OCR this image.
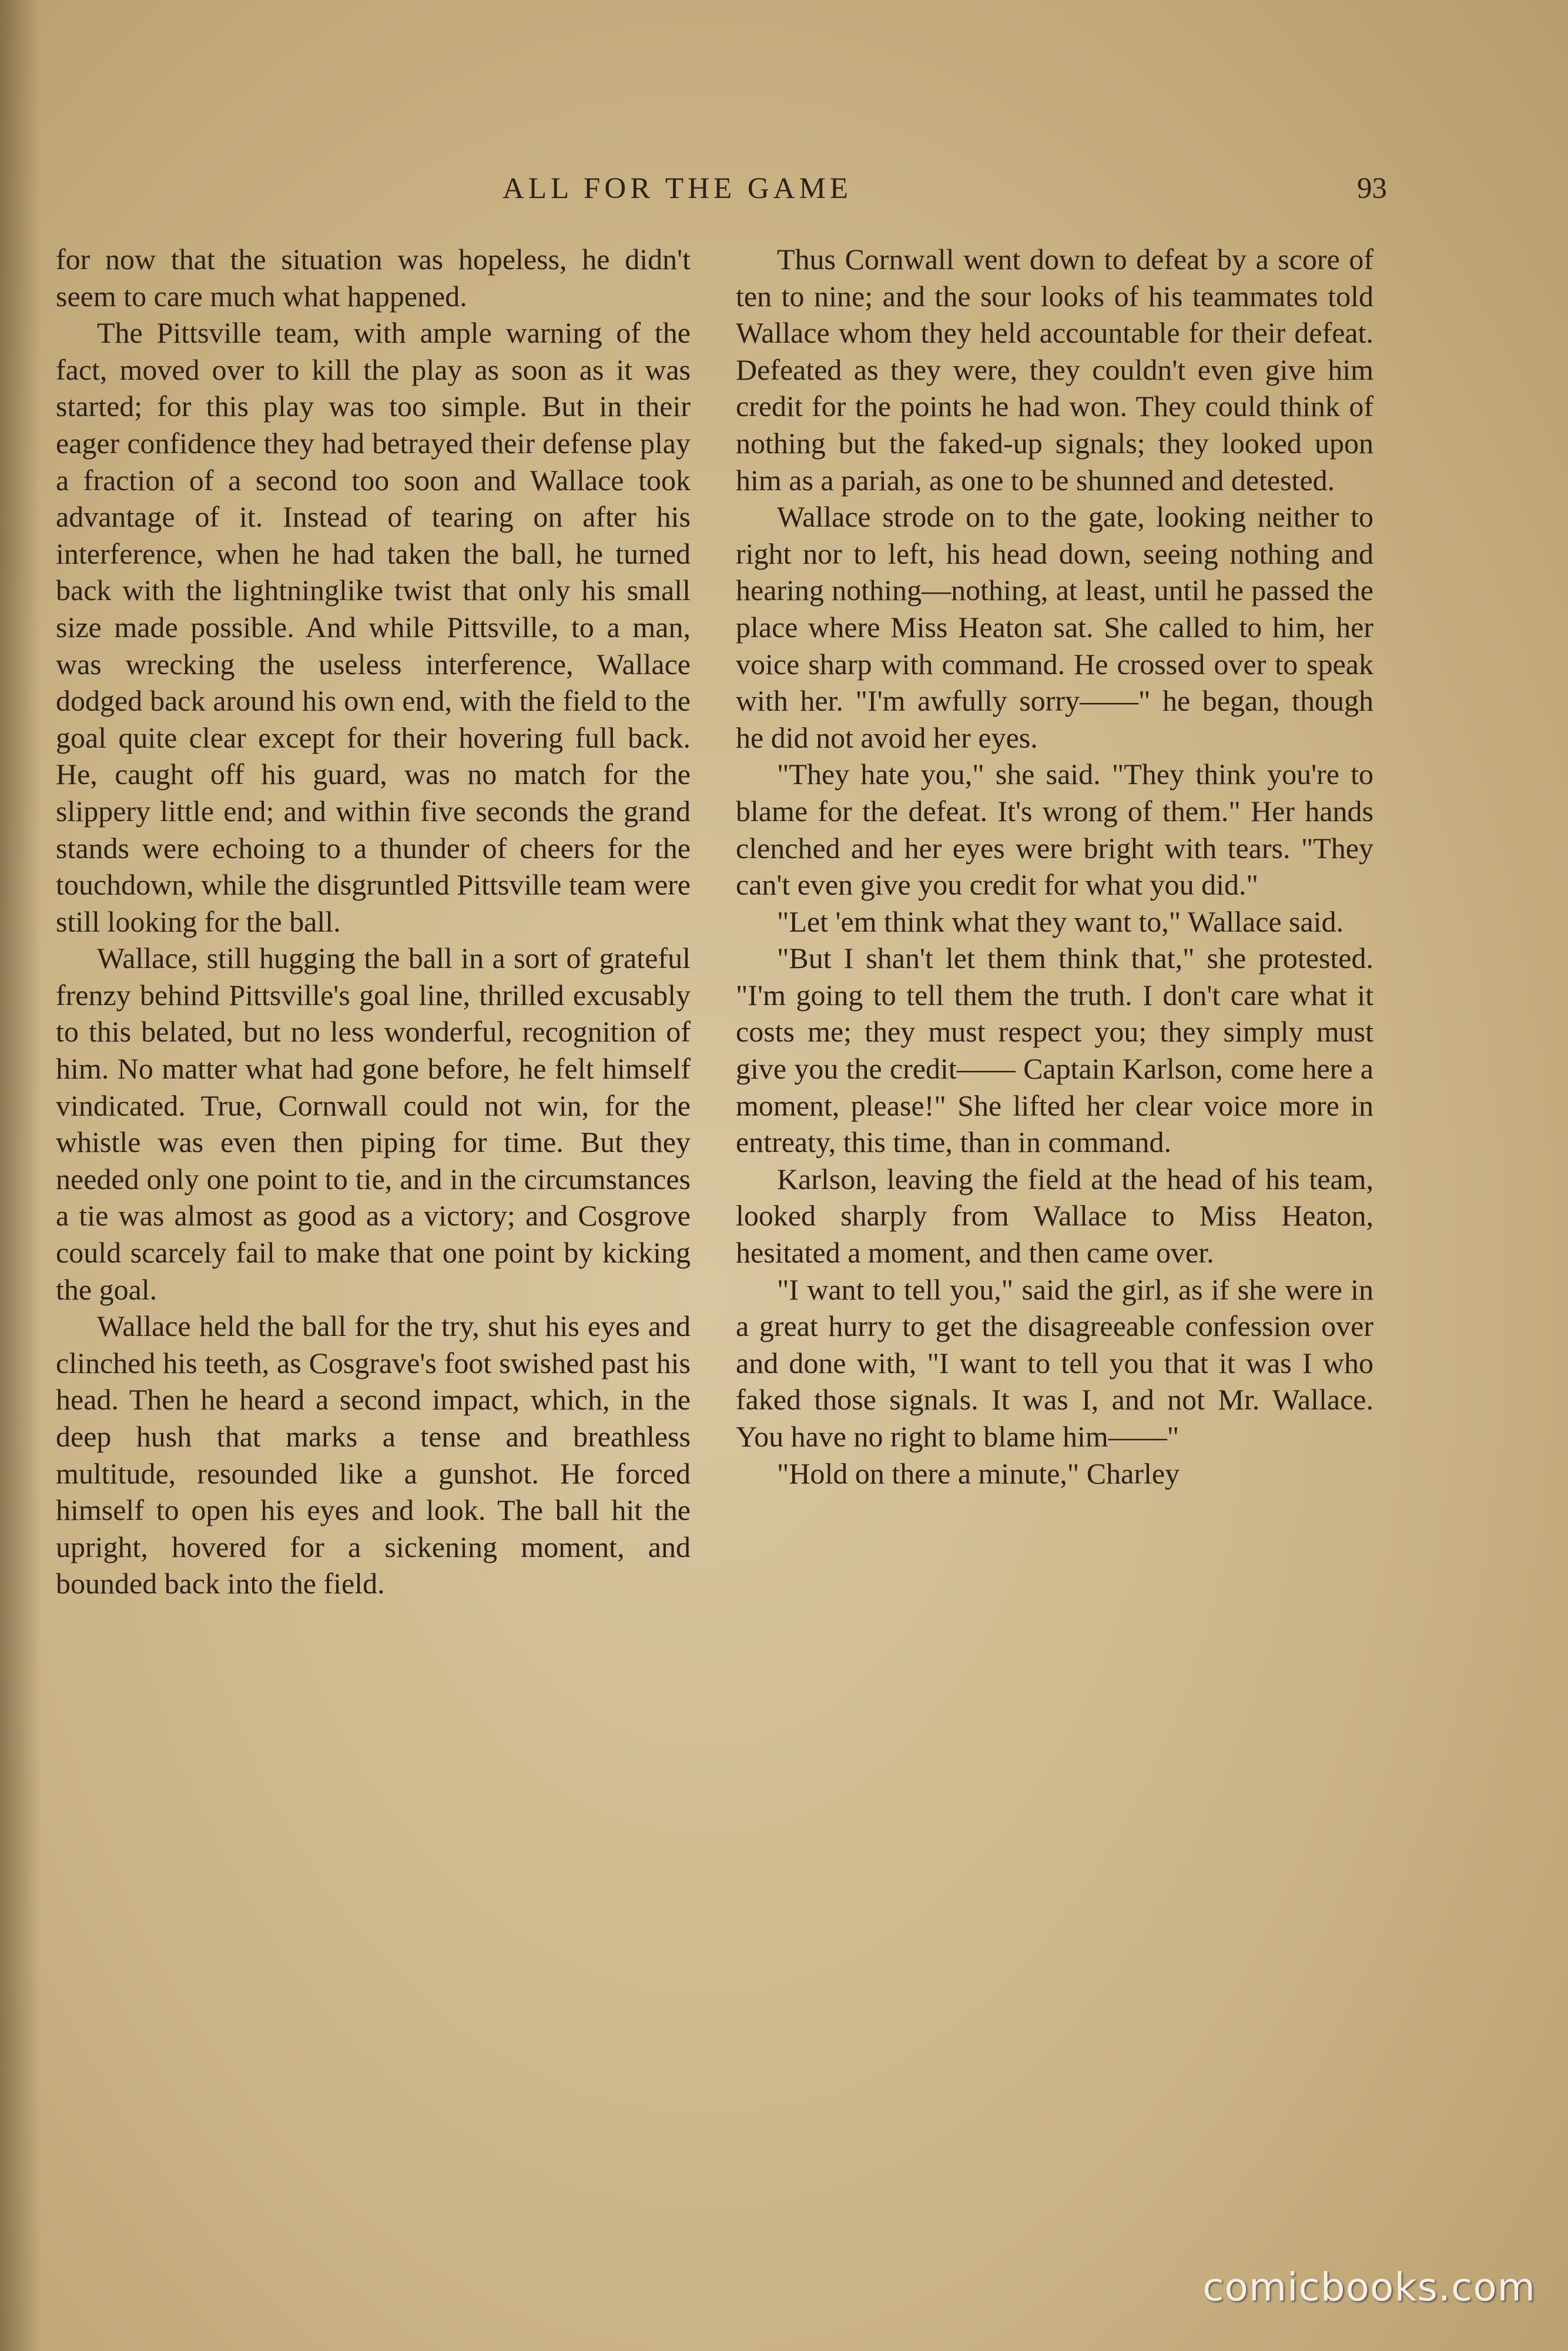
ALL FOR THE GAME	93

for now that the situation was hopeless, he didn't seem to care much what happened.

The Pittsville team, with ample warning of the fact, moved over to kill the play as soon as it was started; for this play was too simple. But in their eager confidence they had betrayed their defense play a fraction of a second too soon and Wallace took advantage of it. Instead of tearing on after his interference, when he had taken the ball, he turned back with the lightninglike twist that only his small size made possible. And while Pittsville, to a man, was wrecking the useless interference, Wallace dodged back around his own end, with the field to the goal quite clear except for their hovering full back. He, caught off his guard, was no match for the slippery little end; and within five seconds the grand stands were echoing to a thunder of cheers for the touchdown, while the disgruntled Pittsville team were still looking for the ball.

Wallace, still hugging the ball in a sort of grateful frenzy behind Pittsville's goal line, thrilled excusably to this belated, but no less wonderful, recognition of him. No matter what had gone before, he felt himself vindicated. True, Cornwall could not win, for the whistle was even then piping for time. But they needed only one point to tie, and in the circumstances a tie was almost as good as a victory; and Cosgrove could scarcely fail to make that one point by kicking the goal.

Wallace held the ball for the try, shut his eyes and clinched his teeth, as Cosgrave's foot swished past his head. Then he heard a second impact, which, in the deep hush that marks a tense and breathless multitude, resounded like a gunshot. He forced himself to open his eyes and look. The ball hit the upright, hovered for a sickening moment, and bounded back into the field.

Thus Cornwall went down to defeat by a score of ten to nine; and the sour looks of his teammates told Wallace whom they held accountable for their defeat. Defeated as they were, they couldn't even give him credit for the points he had won. They could think of nothing but the faked-up signals; they looked upon him as a pariah, as one to be shunned and detested.

Wallace strode on to the gate, looking neither to right nor to left, his head down, seeing nothing and hearing nothing—nothing, at least, until he passed the place where Miss Heaton sat. She called to him, her voice sharp with command. He crossed over to speak with her. "I'm awfully sorry——" he began, though he did not avoid her eyes.

"They hate you," she said. "They think you're to blame for the defeat. It's wrong of them." Her hands clenched and her eyes were bright with tears. "They can't even give you credit for what you did."

"Let 'em think what they want to," Wallace said.

"But I shan't let them think that," she protested. "I'm going to tell them the truth. I don't care what it costs me; they must respect you; they simply must give you the credit—— Captain Karlson, come here a moment, please!" She lifted her clear voice more in entreaty, this time, than in command.

Karlson, leaving the field at the head of his team, looked sharply from Wallace to Miss Heaton, hesitated a moment, and then came over.

"I want to tell you," said the girl, as if she were in a great hurry to get the disagreeable confession over and done with, "I want to tell you that it was I who faked those signals. It was I, and not Mr. Wallace. You have no right to blame him——"

"Hold on there a minute," Charley

comicbooks.com
